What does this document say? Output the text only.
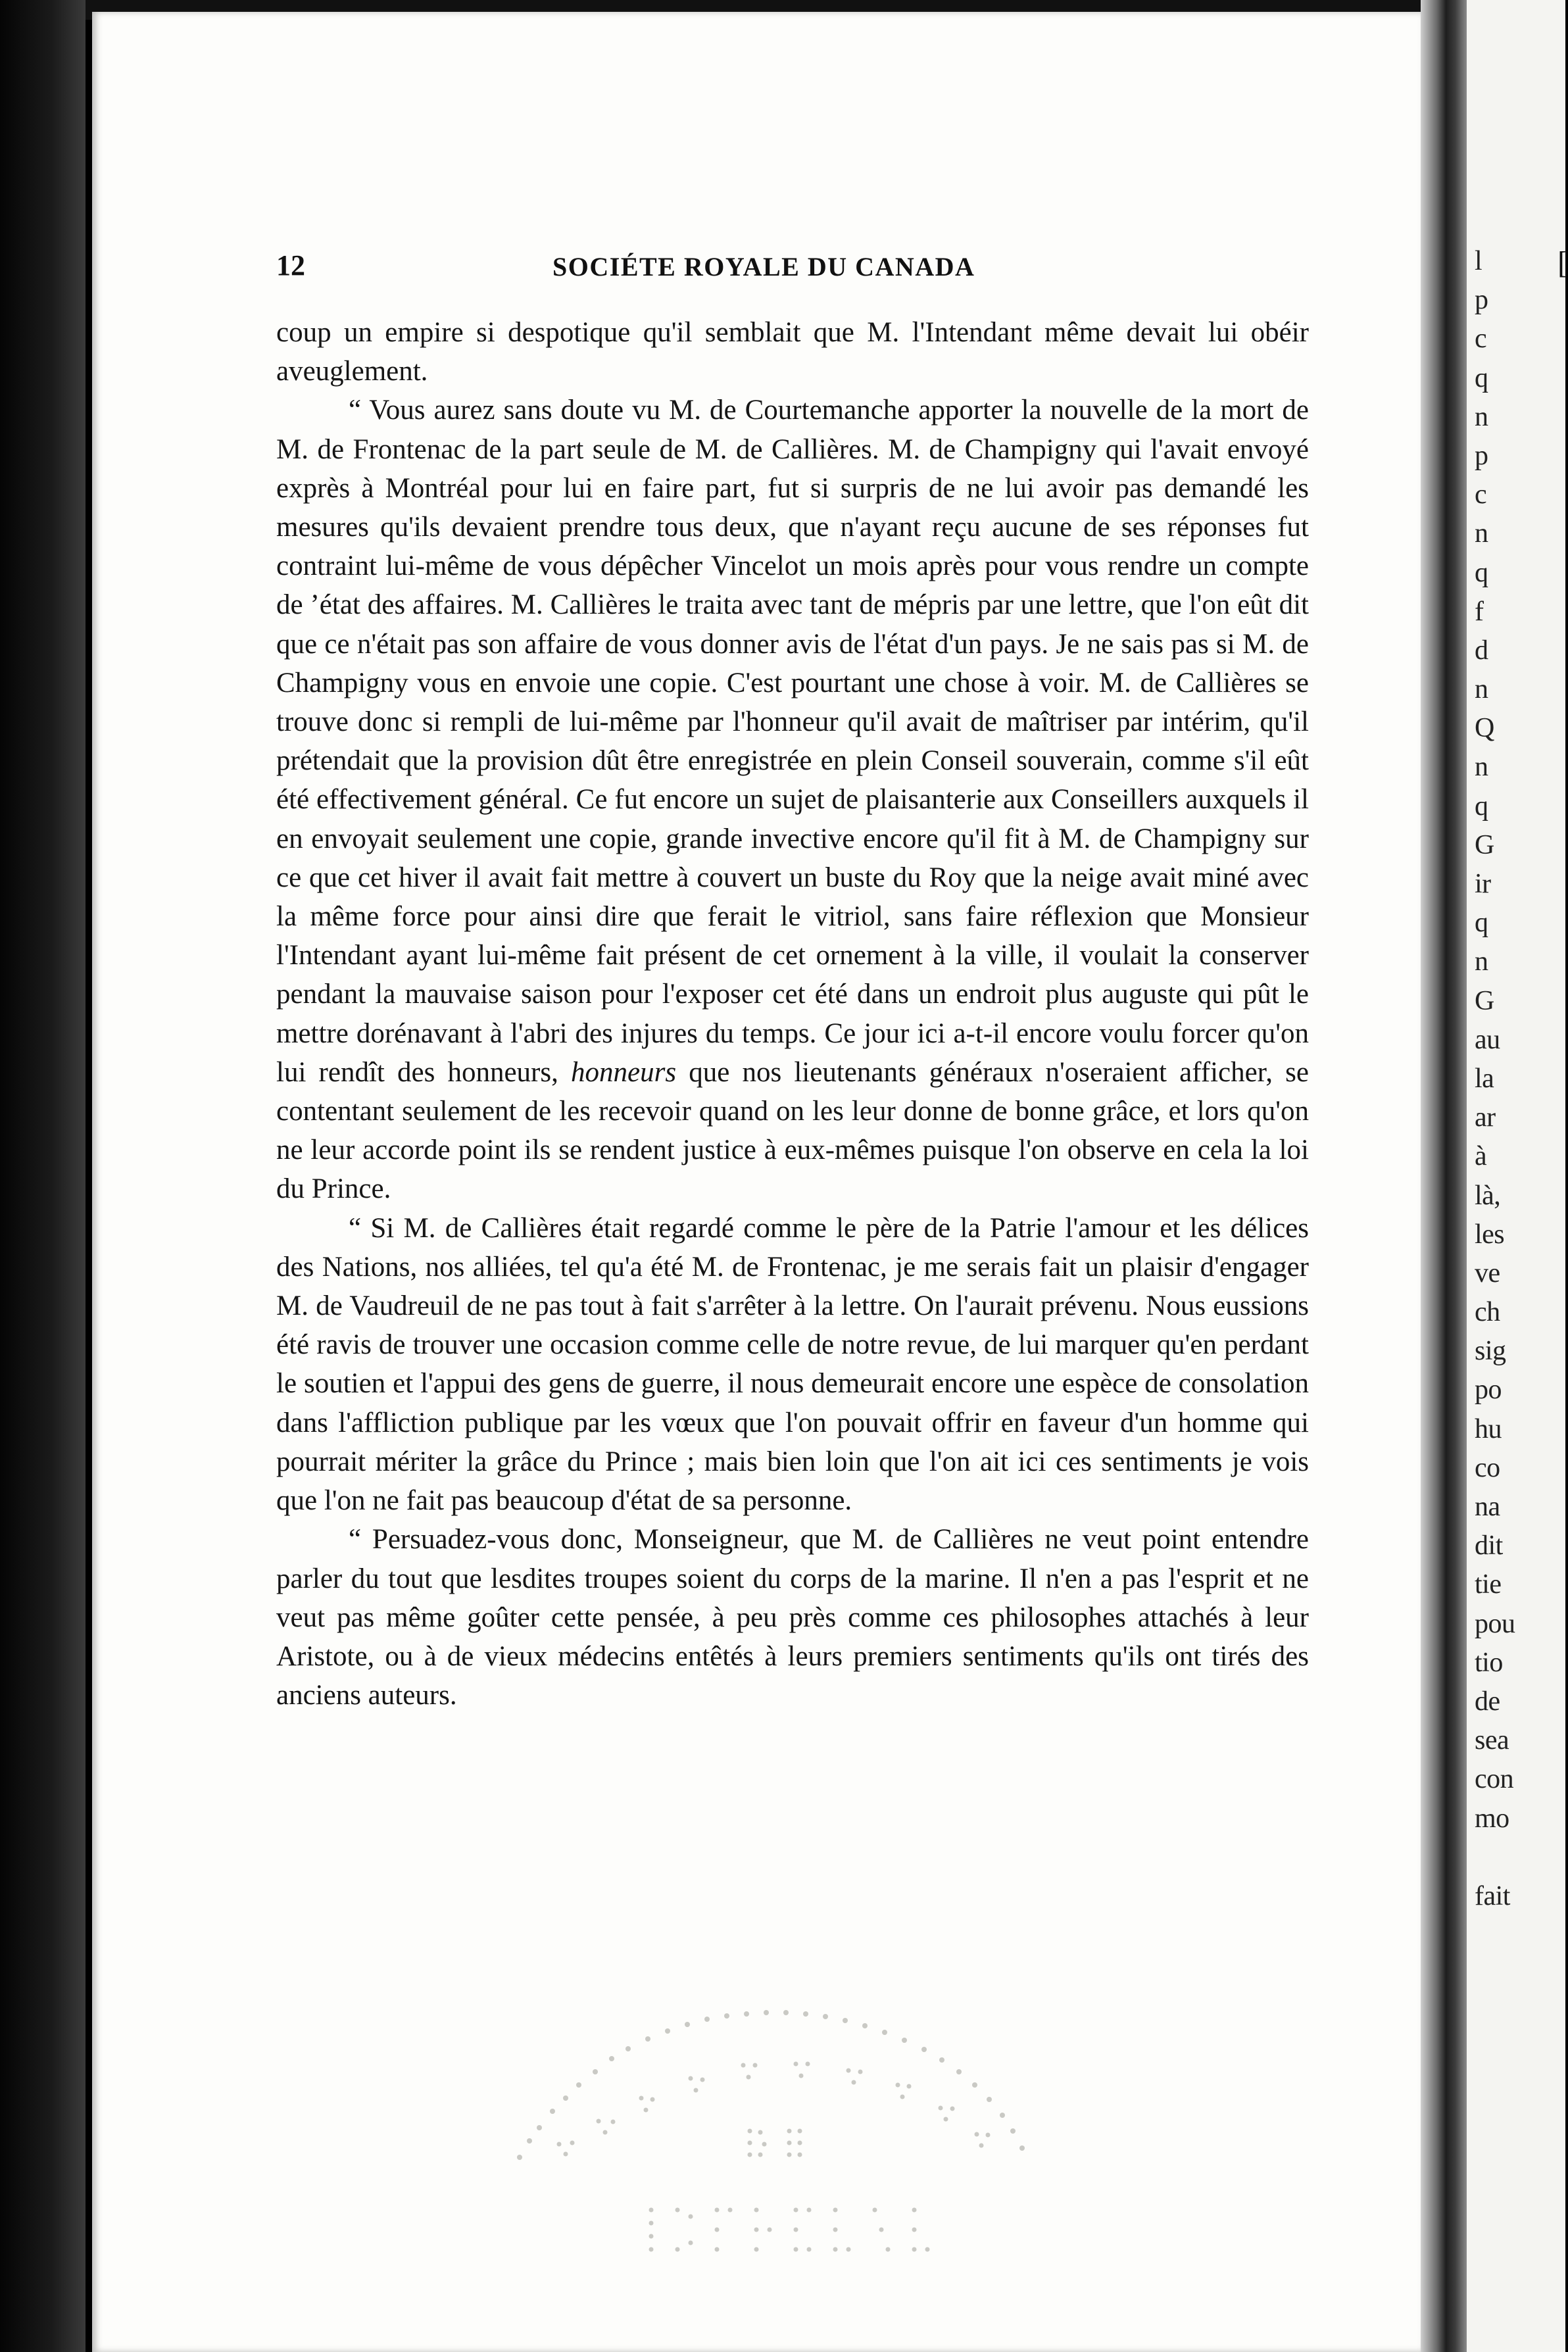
12	SOCIÉTE ROYALE DU CANADA

coup un empire si despotique qu'il semblait que M. l'Intendant même devait lui obéir aveuglement.

“ Vous aurez sans doute vu M. de Courtemanche apporter la nouvelle de la mort de M. de Frontenac de la part seule de M. de Callières. M. de Champigny qui l'avait envoyé exprès à Montréal pour lui en faire part, fut si surpris de ne lui avoir pas demandé les mesures qu'ils devaient prendre tous deux, que n'ayant reçu aucune de ses réponses fut contraint lui-même de vous dépêcher Vincelot un mois après pour vous rendre un compte de ’état des affaires. M. Callières le traita avec tant de mépris par une lettre, que l'on eût dit que ce n'était pas son affaire de vous donner avis de l'état d'un pays. Je ne sais pas si M. de Champigny vous en envoie une copie. C'est pourtant une chose à voir. M. de Callières se trouve donc si rempli de lui-même par l'honneur qu'il avait de maîtriser par intérim, qu'il prétendait que la provision dût être enregistrée en plein Conseil souverain, comme s'il eût été effectivement général. Ce fut encore un sujet de plaisanterie aux Conseillers auxquels il en envoyait seulement une copie, grande invective encore qu'il fit à M. de Champigny sur ce que cet hiver il avait fait mettre à couvert un buste du Roy que la neige avait miné avec la même force pour ainsi dire que ferait le vitriol, sans faire réflexion que Monsieur l'Intendant ayant lui-même fait présent de cet ornement à la ville, il voulait la conserver pendant la mauvaise saison pour l'exposer cet été dans un endroit plus auguste qui pût le mettre dorénavant à l'abri des injures du temps. Ce jour ici a-t-il encore voulu forcer qu'on lui rendît des honneurs, honneurs que nos lieutenants généraux n'oseraient afficher, se contentant seulement de les recevoir quand on les leur donne de bonne grâce, et lors qu'on ne leur accorde point ils se rendent justice à eux-mêmes puisque l'on observe en cela la loi du Prince.

“ Si M. de Callières était regardé comme le père de la Patrie l'amour et les délices des Nations, nos alliées, tel qu'a été M. de Frontenac, je me serais fait un plaisir d'engager M. de Vaudreuil de ne pas tout à fait s'arrêter à la lettre. On l'aurait prévenu. Nous eussions été ravis de trouver une occasion comme celle de notre revue, de lui marquer qu'en perdant le soutien et l'appui des gens de guerre, il nous demeurait encore une espèce de consolation dans l'affliction publique par les vœux que l'on pouvait offrir en faveur d'un homme qui pourrait mériter la grâce du Prince ; mais bien loin que l'on ait ici ces sentiments je vois que l'on ne fait pas beaucoup d'état de sa personne.

“ Persuadez-vous donc, Monseigneur, que M. de Callières ne veut point entendre parler du tout que lesdites troupes soient du corps de la marine. Il n'en a pas l'esprit et ne veut pas même goûter cette pensée, à peu près comme ces philosophes attachés à leur Aristote, ou à de vieux médecins entêtés à leurs premiers sentiments qu'ils ont tirés des anciens auteurs.

l
p
c
q
n
p
c
n
q
f
d
n
Q
n
q
G
ir
q
n
G
au
la
ar
à
là,
les
ve
ch
sig
po
hu
co
na
dit
tie
pou
tio
de
sea
con
mo
fait
[
